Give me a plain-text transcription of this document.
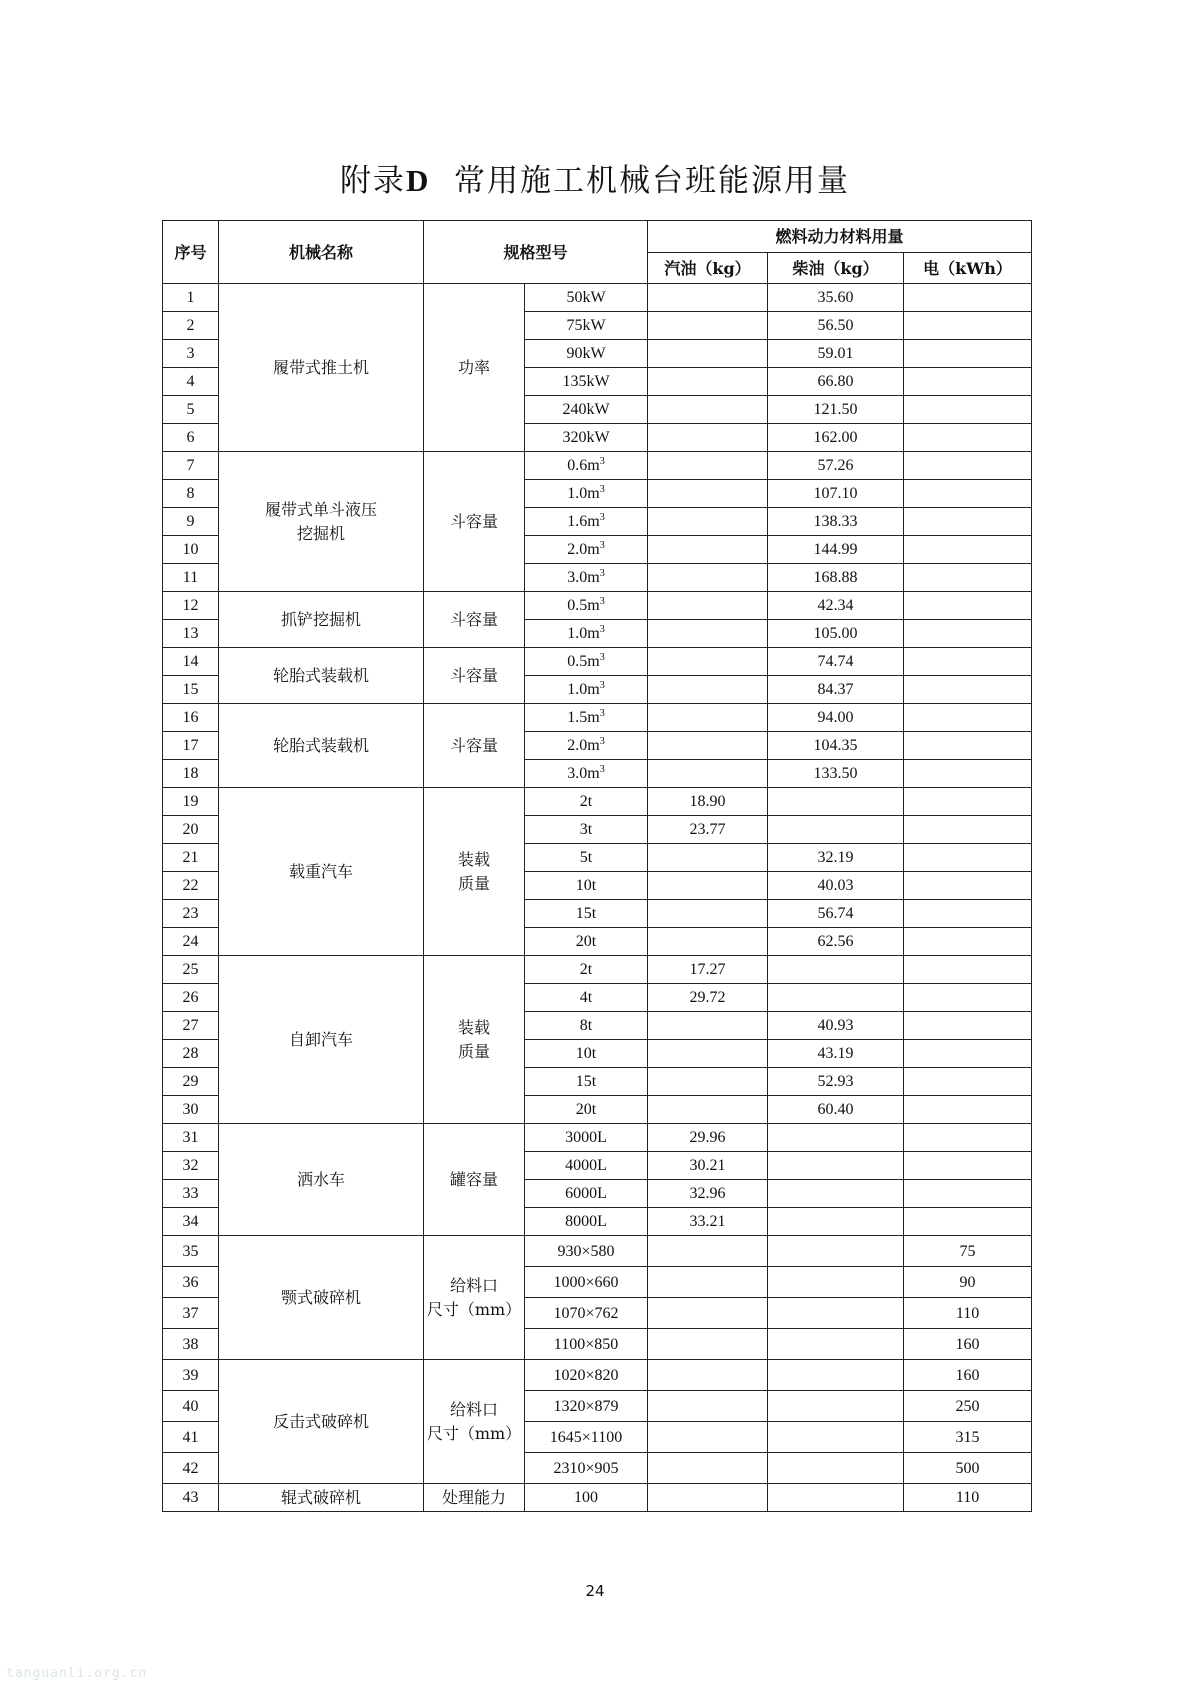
附录D 常用施工机械台班能源用量
序号	机械名称	规格型号		燃料动力材料用量		
				汽油（kg）	柴油（kg）	电（kWh）
1	履带式推土机	功率	50kW		35.60	
2			75kW		56.50	
3			90kW		59.01	
4			135kW		66.80	
5			240kW		121.50	
6			320kW		162.00	
7	履带式单斗液压
挖掘机	斗容量	$0.6m^3$		57.26	
8			$1.0m^3$		107.10	
9			$1.6m^3$		138.33	
10			$2.0m^3$		144.99	
11			$3.0m^3$		168.88	
12	抓铲挖掘机	斗容量	$0.5m^3$		42.34	
13			$1.0m^3$		105.00	
14	轮胎式装载机	斗容量	$0.5m^3$		74.74	
15			$1.0m^3$		84.37	
16	轮胎式装载机	斗容量	$1.5m^3$		94.00	
17			$2.0m^3$		104.35	
18			$3.0m^3$		133.50	
19	载重汽车	装载
质量	2t	18.90		
20			3t	23.77		
21			5t		32.19	
22			10t		40.03	
23			15t		56.74	
24			20t		62.56	
25	自卸汽车	装载
质量	2t	17.27		
26			4t	29.72		
27			8t		40.93	
28			10t		43.19	
29			15t		52.93	
30			20t		60.40	
31	洒水车	罐容量	3000L	29.96		
32			4000L	30.21		
33			6000L	32.96		
34			8000L	33.21		
35	颚式破碎机	给料口
尺寸（mm）	930×580			75
36			1000×660			90
37			1070×762			110
38			1100×850			160
39	反击式破碎机	给料口
尺寸（mm）	1020×820			160
40			1320×879			250
41			1645×1100			315
42			2310×905			500
43	辊式破碎机	处理能力	100			110
24
tanguanli.org.cn
